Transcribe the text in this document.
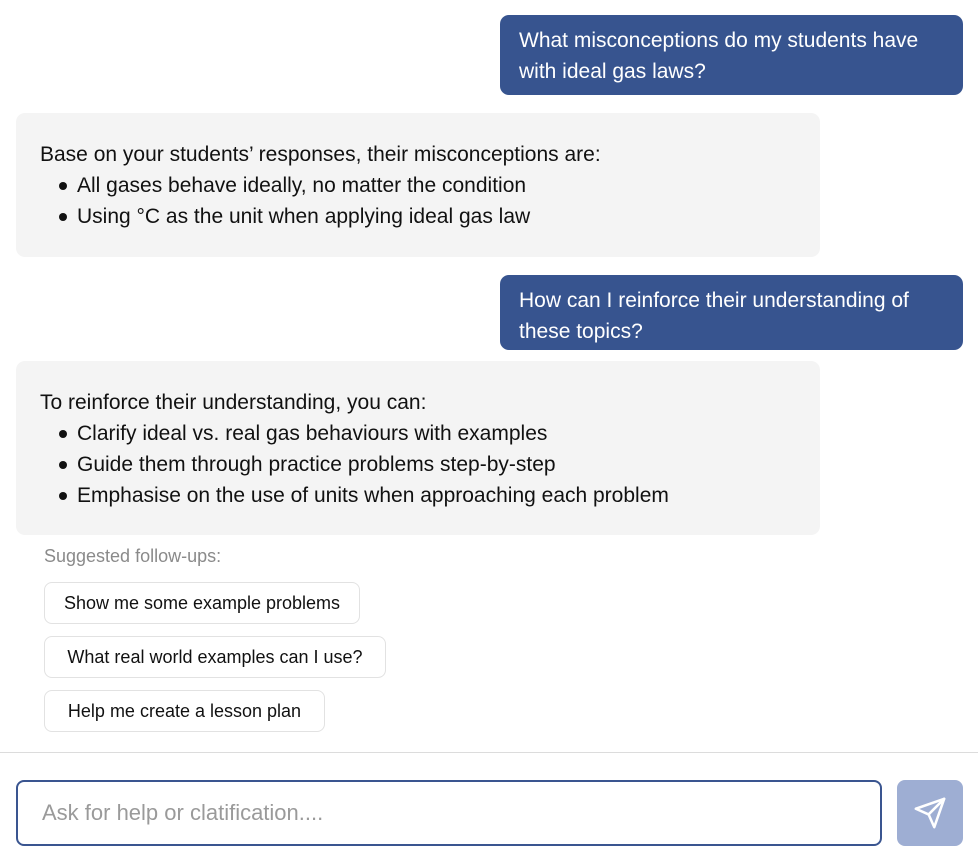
What misconceptions do my students have with ideal gas laws?
Base on your students’ responses, their misconceptions are:
All gases behave ideally, no matter the condition
Using °C as the unit when applying ideal gas law
How can I reinforce their understanding of these topics?
To reinforce their understanding, you can:
Clarify ideal vs. real gas behaviours with examples
Guide them through practice problems step-by-step
Emphasise on the use of units when approaching each problem
Suggested follow-ups:
Show me some example problems
What real world examples can I use?
Help me create a lesson plan
Ask for help or clatification....
